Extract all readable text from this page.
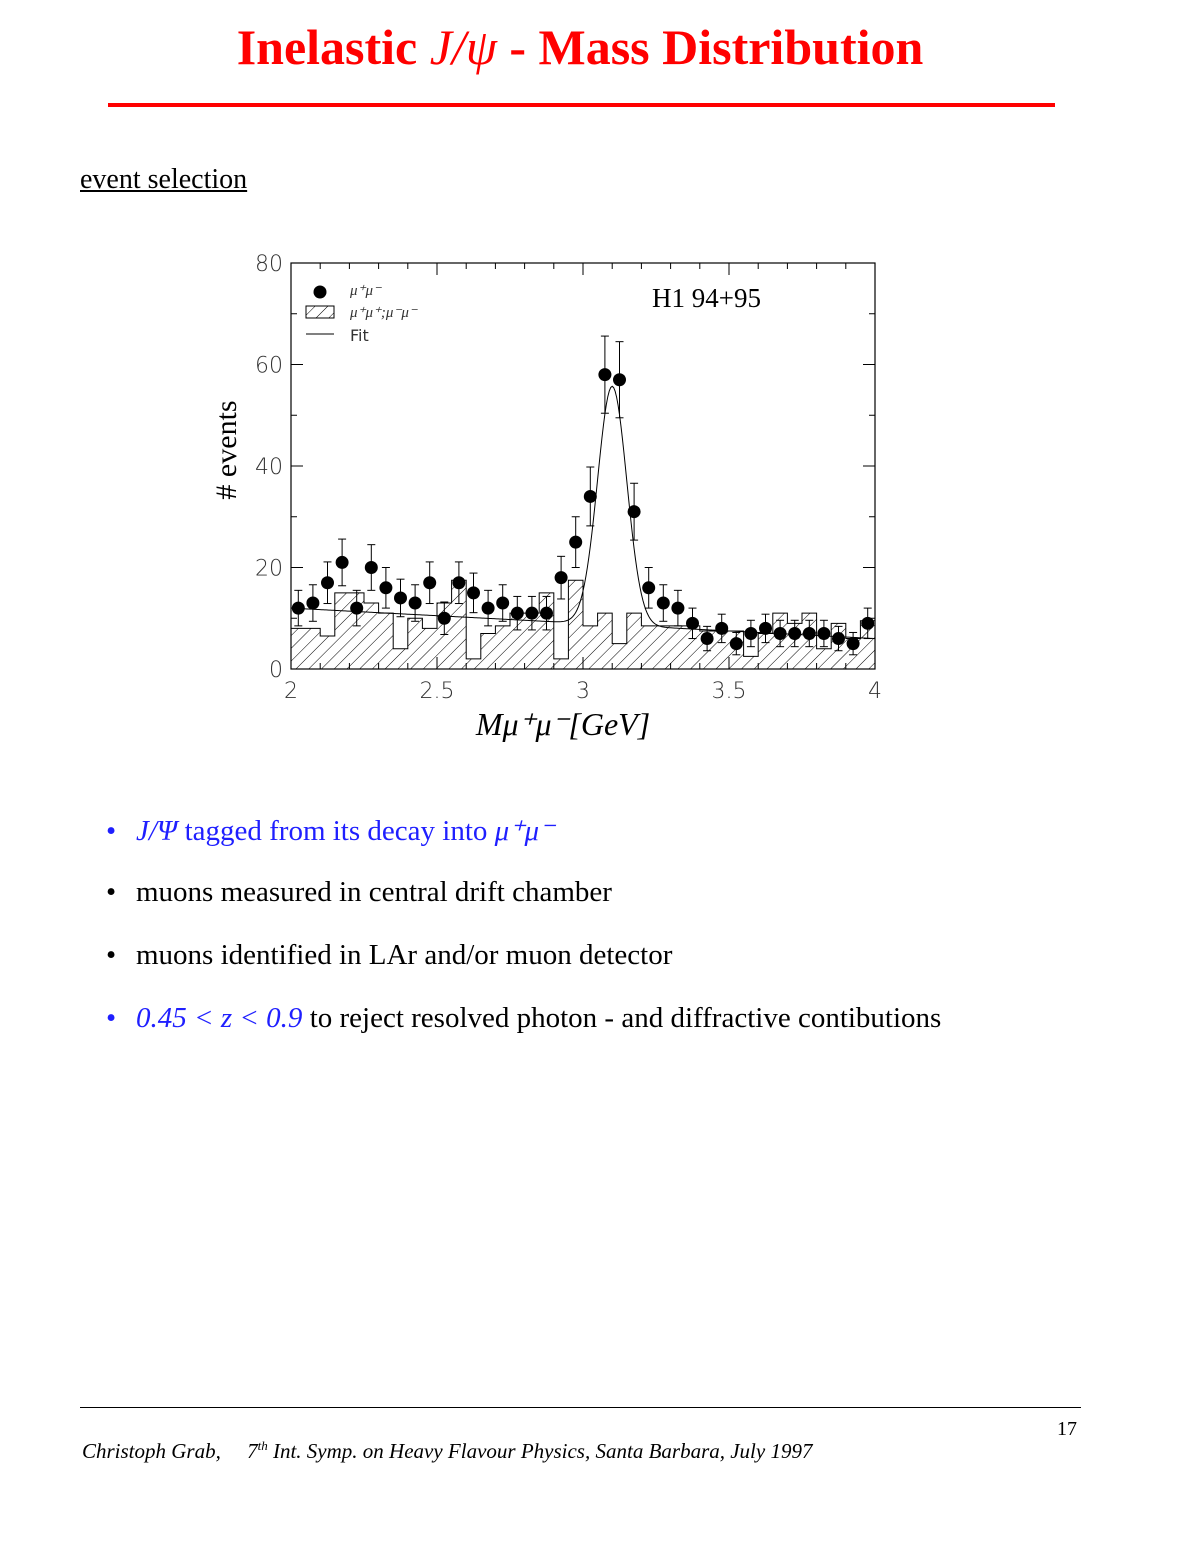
Inelastic J/ψ - Mass Distribution
event selection
0
20
40
60
80
2	2.5	3	3.5	4
Mμ⁺μ⁻[GeV]
# events
H1 94+95
μ⁺μ⁻
μ⁺μ⁺;μ⁻μ⁻
Fit
• J/Ψ tagged from its decay into μ⁺μ⁻
• muons measured in central drift chamber
• muons identified in LAr and/or muon detector
• 0.45 < z < 0.9 to reject resolved photon - and diffractive contibutions
17
Christoph Grab, 7th Int. Symp. on Heavy Flavour Physics, Santa Barbara, July 1997
